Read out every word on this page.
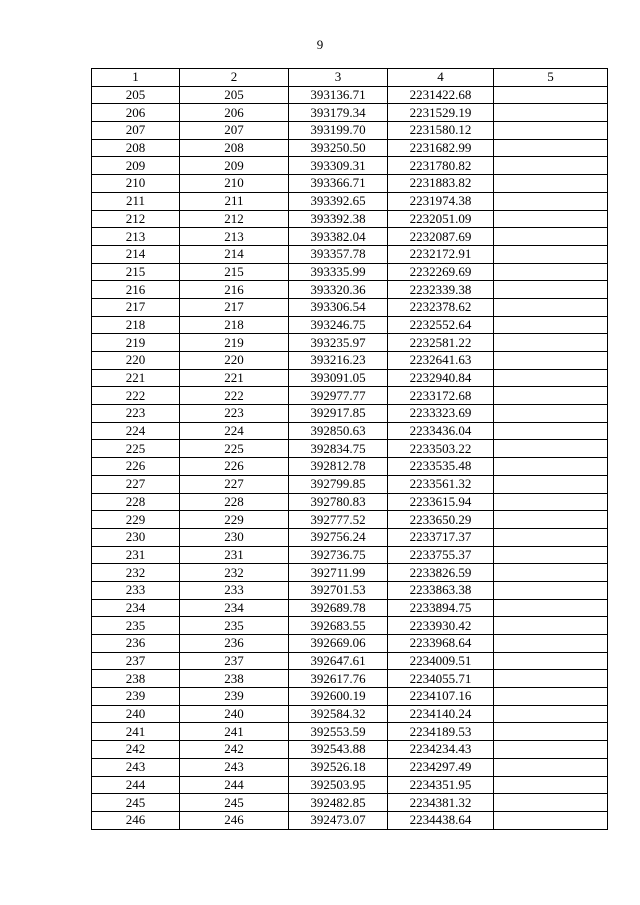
9
1	2	3	4	5
205	205	393136.71	2231422.68	
206	206	393179.34	2231529.19	
207	207	393199.70	2231580.12	
208	208	393250.50	2231682.99	
209	209	393309.31	2231780.82	
210	210	393366.71	2231883.82	
211	211	393392.65	2231974.38	
212	212	393392.38	2232051.09	
213	213	393382.04	2232087.69	
214	214	393357.78	2232172.91	
215	215	393335.99	2232269.69	
216	216	393320.36	2232339.38	
217	217	393306.54	2232378.62	
218	218	393246.75	2232552.64	
219	219	393235.97	2232581.22	
220	220	393216.23	2232641.63	
221	221	393091.05	2232940.84	
222	222	392977.77	2233172.68	
223	223	392917.85	2233323.69	
224	224	392850.63	2233436.04	
225	225	392834.75	2233503.22	
226	226	392812.78	2233535.48	
227	227	392799.85	2233561.32	
228	228	392780.83	2233615.94	
229	229	392777.52	2233650.29	
230	230	392756.24	2233717.37	
231	231	392736.75	2233755.37	
232	232	392711.99	2233826.59	
233	233	392701.53	2233863.38	
234	234	392689.78	2233894.75	
235	235	392683.55	2233930.42	
236	236	392669.06	2233968.64	
237	237	392647.61	2234009.51	
238	238	392617.76	2234055.71	
239	239	392600.19	2234107.16	
240	240	392584.32	2234140.24	
241	241	392553.59	2234189.53	
242	242	392543.88	2234234.43	
243	243	392526.18	2234297.49	
244	244	392503.95	2234351.95	
245	245	392482.85	2234381.32	
246	246	392473.07	2234438.64	
